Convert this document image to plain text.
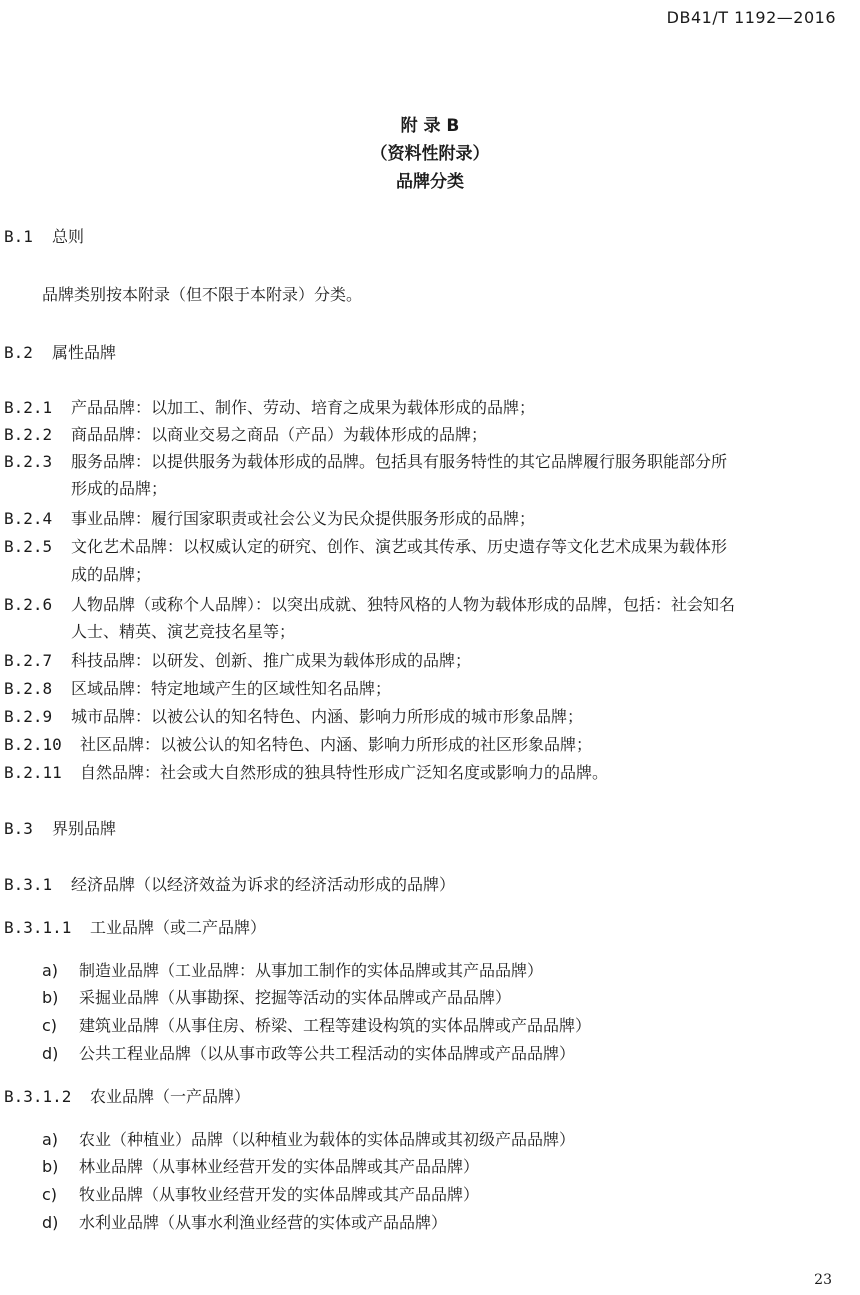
DB41/T 1192—2016
附 录 B
（资料性附录）
品牌分类
B.1 总则
品牌类别按本附录（但不限于本附录）分类。
B.2 属性品牌
B.2.1 产品品牌：以加工、制作、劳动、培育之成果为载体形成的品牌；
B.2.2 商品品牌：以商业交易之商品（产品）为载体形成的品牌；
B.2.3 服务品牌：以提供服务为载体形成的品牌。包括具有服务特性的其它品牌履行服务职能部分所
形成的品牌；
B.2.4 事业品牌：履行国家职责或社会公义为民众提供服务形成的品牌；
B.2.5 文化艺术品牌：以权威认定的研究、创作、演艺或其传承、历史遗存等文化艺术成果为载体形
成的品牌；
B.2.6 人物品牌（或称个人品牌）：以突出成就、独特风格的人物为载体形成的品牌，包括：社会知名
人士、精英、演艺竞技名星等；
B.2.7 科技品牌：以研发、创新、推广成果为载体形成的品牌；
B.2.8 区域品牌：特定地域产生的区域性知名品牌；
B.2.9 城市品牌：以被公认的知名特色、内涵、影响力所形成的城市形象品牌；
B.2.10 社区品牌：以被公认的知名特色、内涵、影响力所形成的社区形象品牌；
B.2.11 自然品牌：社会或大自然形成的独具特性形成广泛知名度或影响力的品牌。
B.3 界别品牌
B.3.1 经济品牌（以经济效益为诉求的经济活动形成的品牌）
B.3.1.1 工业品牌（或二产品牌）
a) 制造业品牌（工业品牌：从事加工制作的实体品牌或其产品品牌）
b) 采掘业品牌（从事勘探、挖掘等活动的实体品牌或产品品牌）
c) 建筑业品牌（从事住房、桥梁、工程等建设构筑的实体品牌或产品品牌）
d) 公共工程业品牌（以从事市政等公共工程活动的实体品牌或产品品牌）
B.3.1.2 农业品牌（一产品牌）
a) 农业（种植业）品牌（以种植业为载体的实体品牌或其初级产品品牌）
b) 林业品牌（从事林业经营开发的实体品牌或其产品品牌）
c) 牧业品牌（从事牧业经营开发的实体品牌或其产品品牌）
d) 水利业品牌（从事水利渔业经营的实体或产品品牌）
23
